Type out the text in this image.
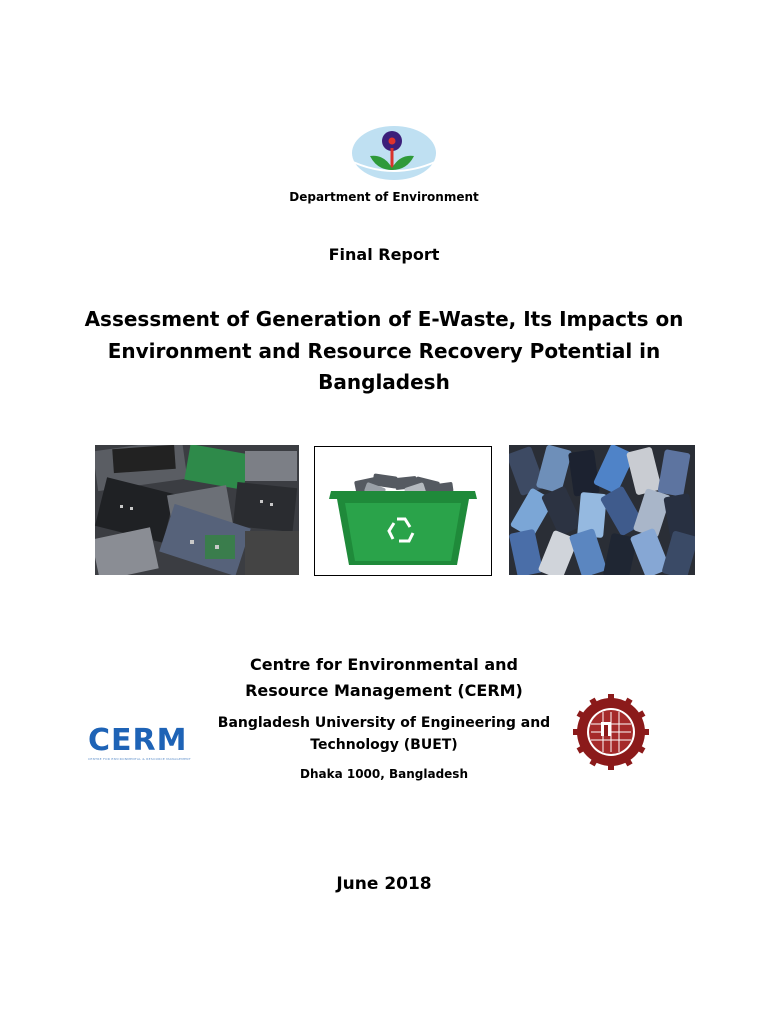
Department of Environment
Final Report
Assessment of Generation of E-Waste, Its Impacts on
Environment and Resource Recovery Potential in
Bangladesh
Centre for Environmental and
Resource Management (CERM)
Bangladesh University of Engineering and
Technology (BUET)
Dhaka 1000, Bangladesh
CERM
CENTRE FOR ENVIRONMENTAL & RESOURCE MANAGEMENT
June 2018
